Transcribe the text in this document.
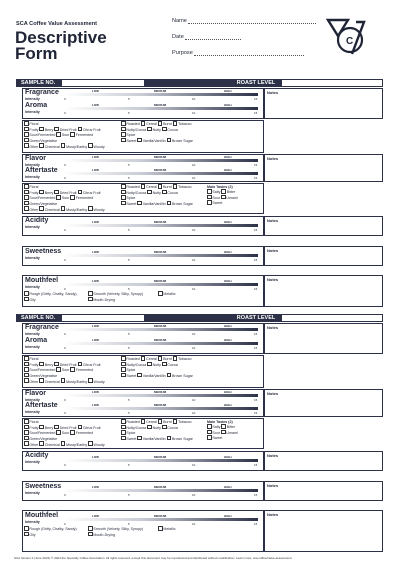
SCA Coffee Value Assessment
Descriptive
Form
Name
Date
Purpose
C
SAMPLE NO.	ROAST LEVEL
Notes
Fragrance
Intensity
LOW	MEDIUM	HIGH
0	5	10	15
Aroma
Intensity
LOW	MEDIUM	HIGH
0	5	10	15
Floral
Fruity Berry Dried Fruit Citrus Fruit
Sour/Fermented Sour Fermented
Green/Vegetative
Other Chemical Musty/Earthy Woody
Roasted Cereal Burnt Tobacco
Nutty/Cocoa Nutty Cocoa
Spice
Sweet Vanilla/Vanillin Brown Sugar
Notes
Flavor
Intensity
LOW	MEDIUM	HIGH
0	5	10	15
Aftertaste
Intensity
LOW	MEDIUM	HIGH
0	5	10	15
Floral
Fruity Berry Dried Fruit Citrus Fruit
Sour/Fermented Sour Fermented
Green/Vegetative
Other Chemical Musty/Earthy Woody
Roasted Cereal Burnt Tobacco
Nutty/Cocoa Nutty Cocoa
Spice
Sweet Vanilla/Vanillin Brown Sugar
Main Tastes (2)
Salty Bitter
Sour Umami
Sweet
Notes
Acidity
Intensity
LOW	MEDIUM	HIGH
0	5	10	15
Notes
Sweetness
Intensity
LOW	MEDIUM	HIGH
0	5	10	15
Notes
Mouthfeel
Intensity
LOW	MEDIUM	HIGH
0	5	10	15
Rough (Gritty, Chalky, Sandy)
Oily
Smooth (Velvety, Silky, Syrupy)
Mouth-Drying
Metallic
SAMPLE NO.	ROAST LEVEL
Notes
Fragrance
Intensity
LOW	MEDIUM	HIGH
0	5	10	15
Aroma
Intensity
LOW	MEDIUM	HIGH
0	5	10	15
Floral
Fruity Berry Dried Fruit Citrus Fruit
Sour/Fermented Sour Fermented
Green/Vegetative
Other Chemical Musty/Earthy Woody
Roasted Cereal Burnt Tobacco
Nutty/Cocoa Nutty Cocoa
Spice
Sweet Vanilla/Vanillin Brown Sugar
Notes
Flavor
Intensity
LOW	MEDIUM	HIGH
0	5	10	15
Aftertaste
Intensity
LOW	MEDIUM	HIGH
0	5	10	15
Floral
Fruity Berry Dried Fruit Citrus Fruit
Sour/Fermented Sour Fermented
Green/Vegetative
Other Chemical Musty/Earthy Woody
Roasted Cereal Burnt Tobacco
Nutty/Cocoa Nutty Cocoa
Spice
Sweet Vanilla/Vanillin Brown Sugar
Main Tastes (2)
Salty Bitter
Sour Umami
Sweet
Notes
Acidity
Intensity
LOW	MEDIUM	HIGH
0	5	10	15
Notes
Sweetness
Intensity
LOW	MEDIUM	HIGH
0	5	10	15
Notes
Mouthfeel
Intensity
LOW	MEDIUM	HIGH
0	5	10	15
Rough (Gritty, Chalky, Sandy)
Oily
Smooth (Velvety, Silky, Syrupy)
Mouth-Drying
Metallic
SCA Version 2 (June 2024) © 2024 the Specialty Coffee Association. All rights reserved, except this document may be reproduced and distributed without modification. Learn more: sca.coffee/value-assessment
